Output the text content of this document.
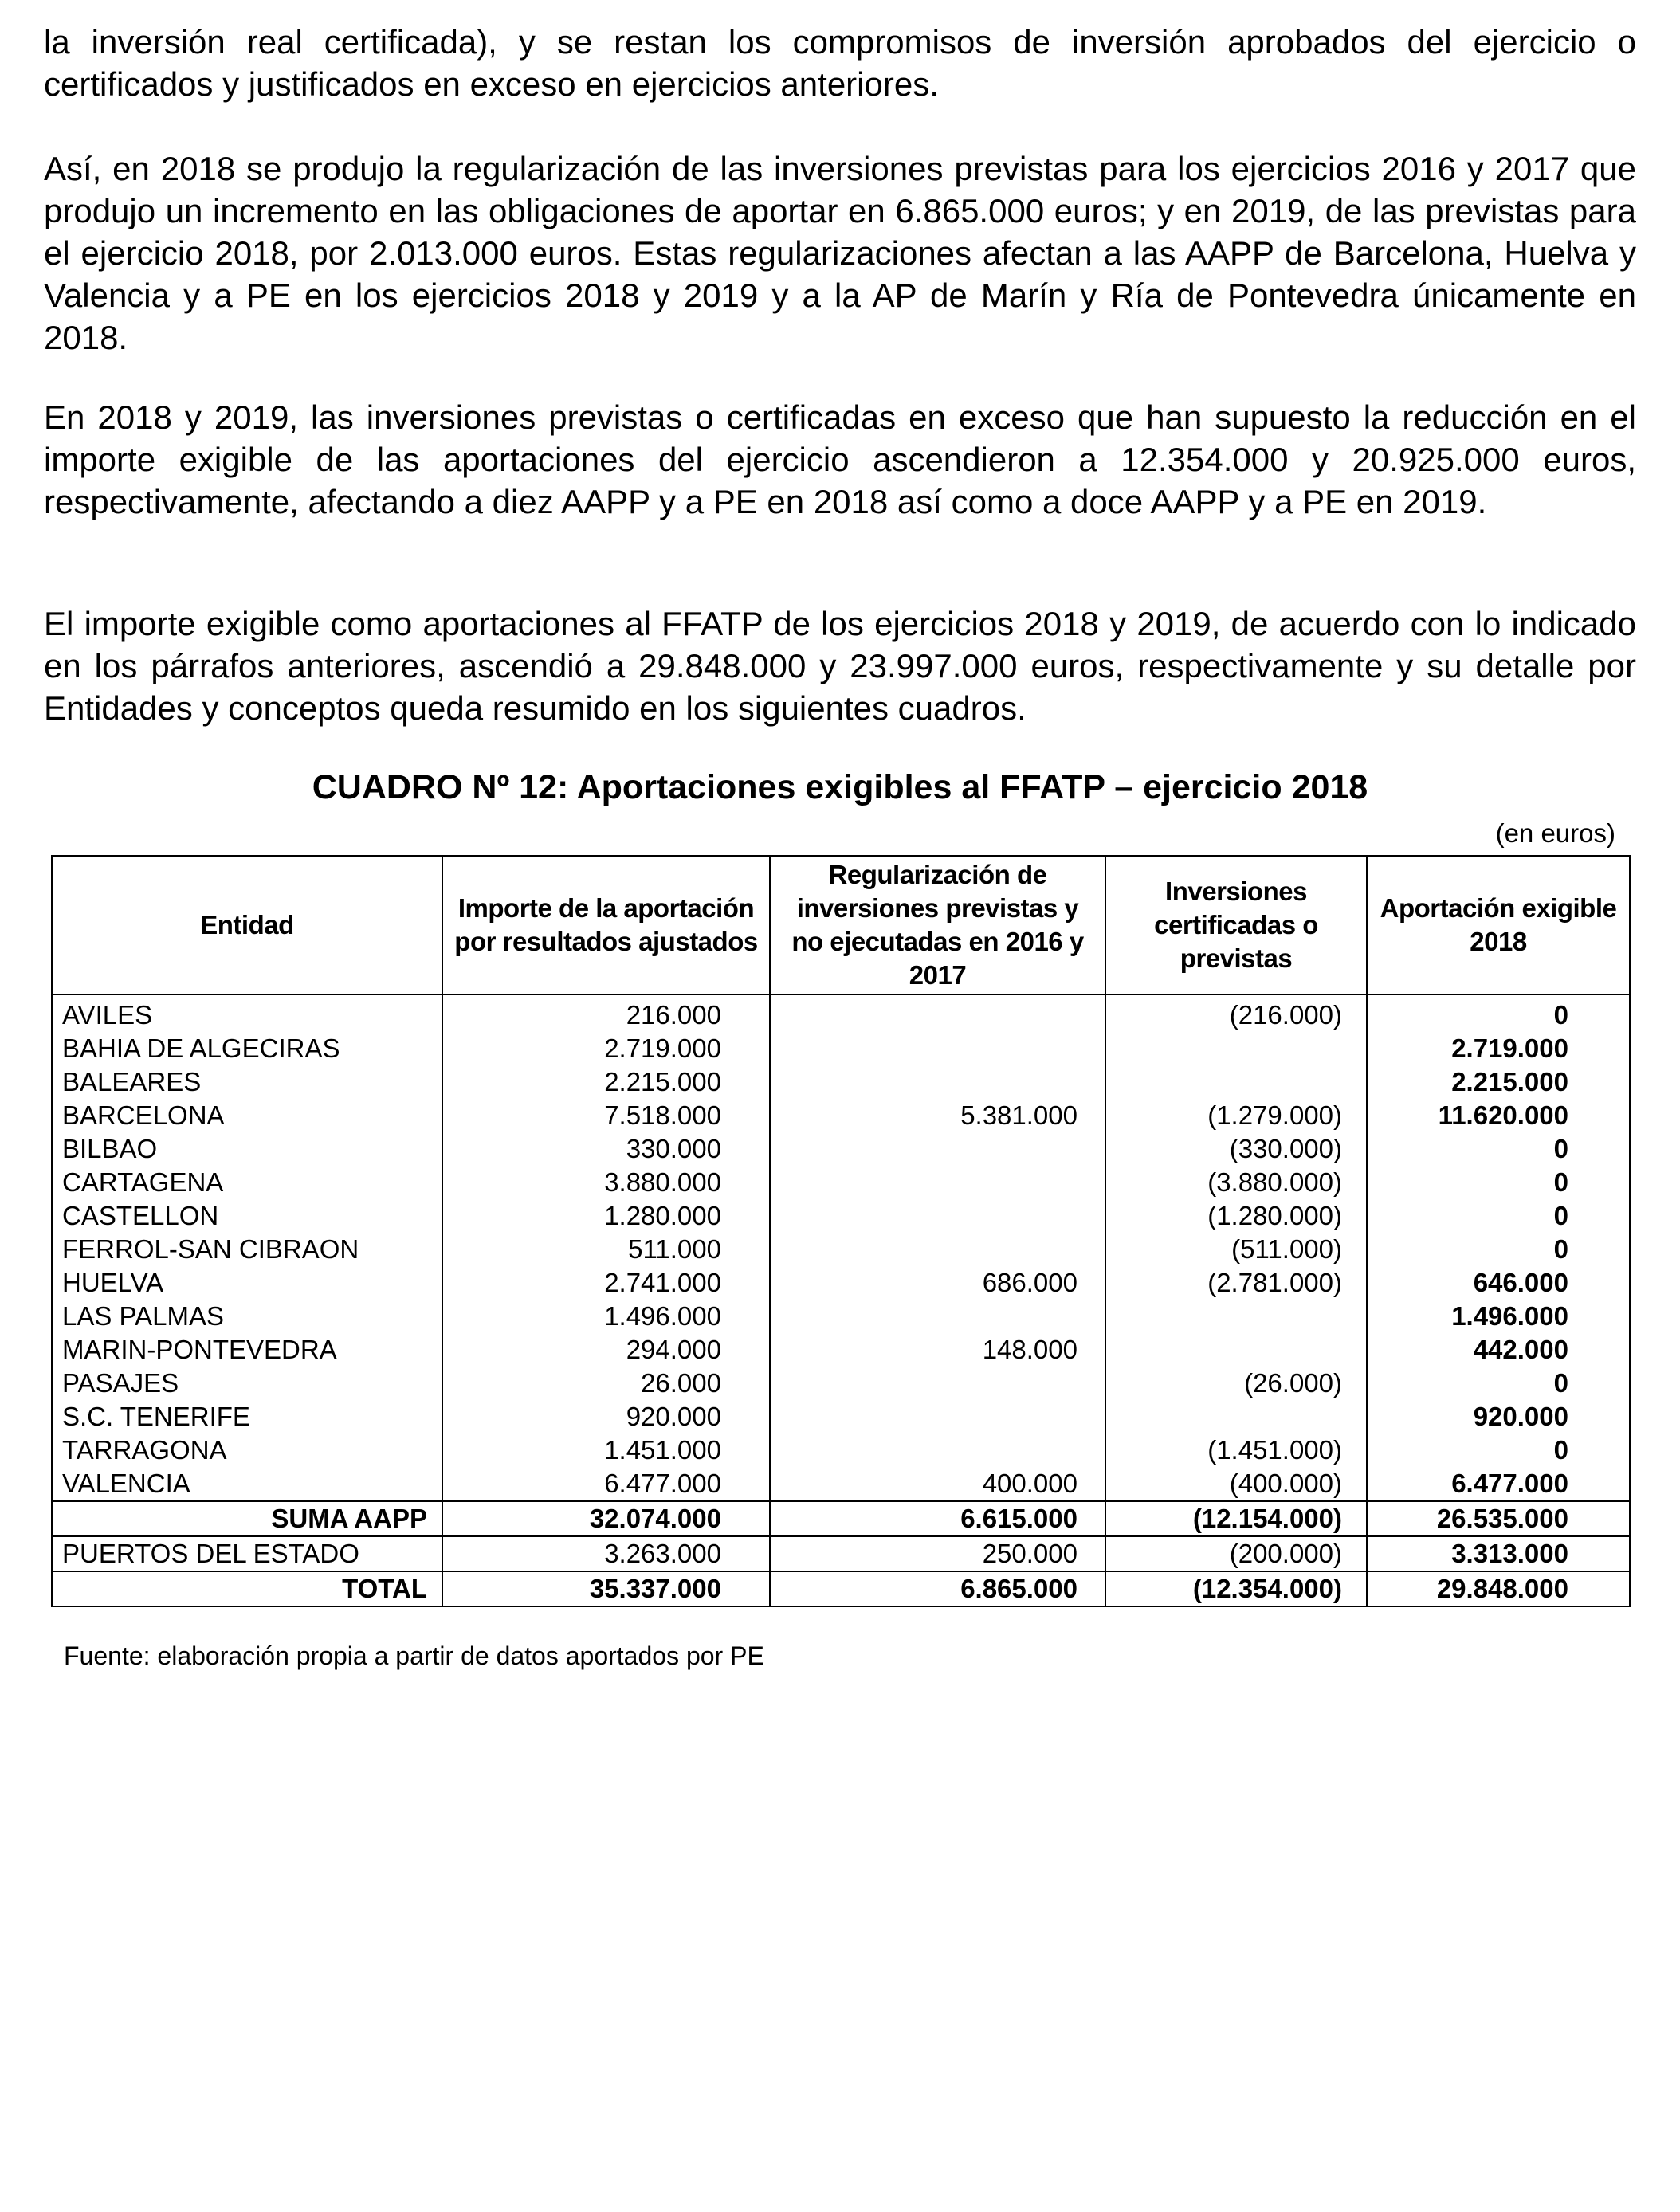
la inversión real certificada), y se restan los compromisos de inversión aprobados del ejercicio o certificados y justificados en exceso en ejercicios anteriores.

Así, en 2018 se produjo la regularización de las inversiones previstas para los ejercicios 2016 y 2017 que produjo un incremento en las obligaciones de aportar en 6.865.000 euros; y en 2019, de las previstas para el ejercicio 2018, por 2.013.000 euros. Estas regularizaciones afectan a las AAPP de Barcelona, Huelva y Valencia y a PE en los ejercicios 2018 y 2019 y a la AP de Marín y Ría de Pontevedra únicamente en 2018.

En 2018 y 2019, las inversiones previstas o certificadas en exceso que han supuesto la reducción en el importe exigible de las aportaciones del ejercicio ascendieron a 12.354.000 y 20.925.000 euros, respectivamente, afectando a diez AAPP y a PE en 2018 así como a doce AAPP y a PE en 2019.

El importe exigible como aportaciones al FFATP de los ejercicios 2018 y 2019, de acuerdo con lo indicado en los párrafos anteriores, ascendió a 29.848.000 y 23.997.000 euros, respectivamente y su detalle por Entidades y conceptos queda resumido en los siguientes cuadros.

CUADRO Nº 12: Aportaciones exigibles al FFATP – ejercicio 2018
(en euros)
Entidad	Importe de la aportación por resultados ajustados	Regularización de inversiones previstas y no ejecutadas en 2016 y 2017	Inversiones certificadas o previstas	Aportación exigible 2018
AVILES	216.000		(216.000)	0
BAHIA DE ALGECIRAS	2.719.000			2.719.000
BALEARES	2.215.000			2.215.000
BARCELONA	7.518.000	5.381.000	(1.279.000)	11.620.000
BILBAO	330.000		(330.000)	0
CARTAGENA	3.880.000		(3.880.000)	0
CASTELLON	1.280.000		(1.280.000)	0
FERROL-SAN CIBRAON	511.000		(511.000)	0
HUELVA	2.741.000	686.000	(2.781.000)	646.000
LAS PALMAS	1.496.000			1.496.000
MARIN-PONTEVEDRA	294.000	148.000		442.000
PASAJES	26.000		(26.000)	0
S.C. TENERIFE	920.000			920.000
TARRAGONA	1.451.000		(1.451.000)	0
VALENCIA	6.477.000	400.000	(400.000)	6.477.000
SUMA AAPP	32.074.000	6.615.000	(12.154.000)	26.535.000
PUERTOS DEL ESTADO	3.263.000	250.000	(200.000)	3.313.000
TOTAL	35.337.000	6.865.000	(12.354.000)	29.848.000
Fuente: elaboración propia a partir de datos aportados por PE
